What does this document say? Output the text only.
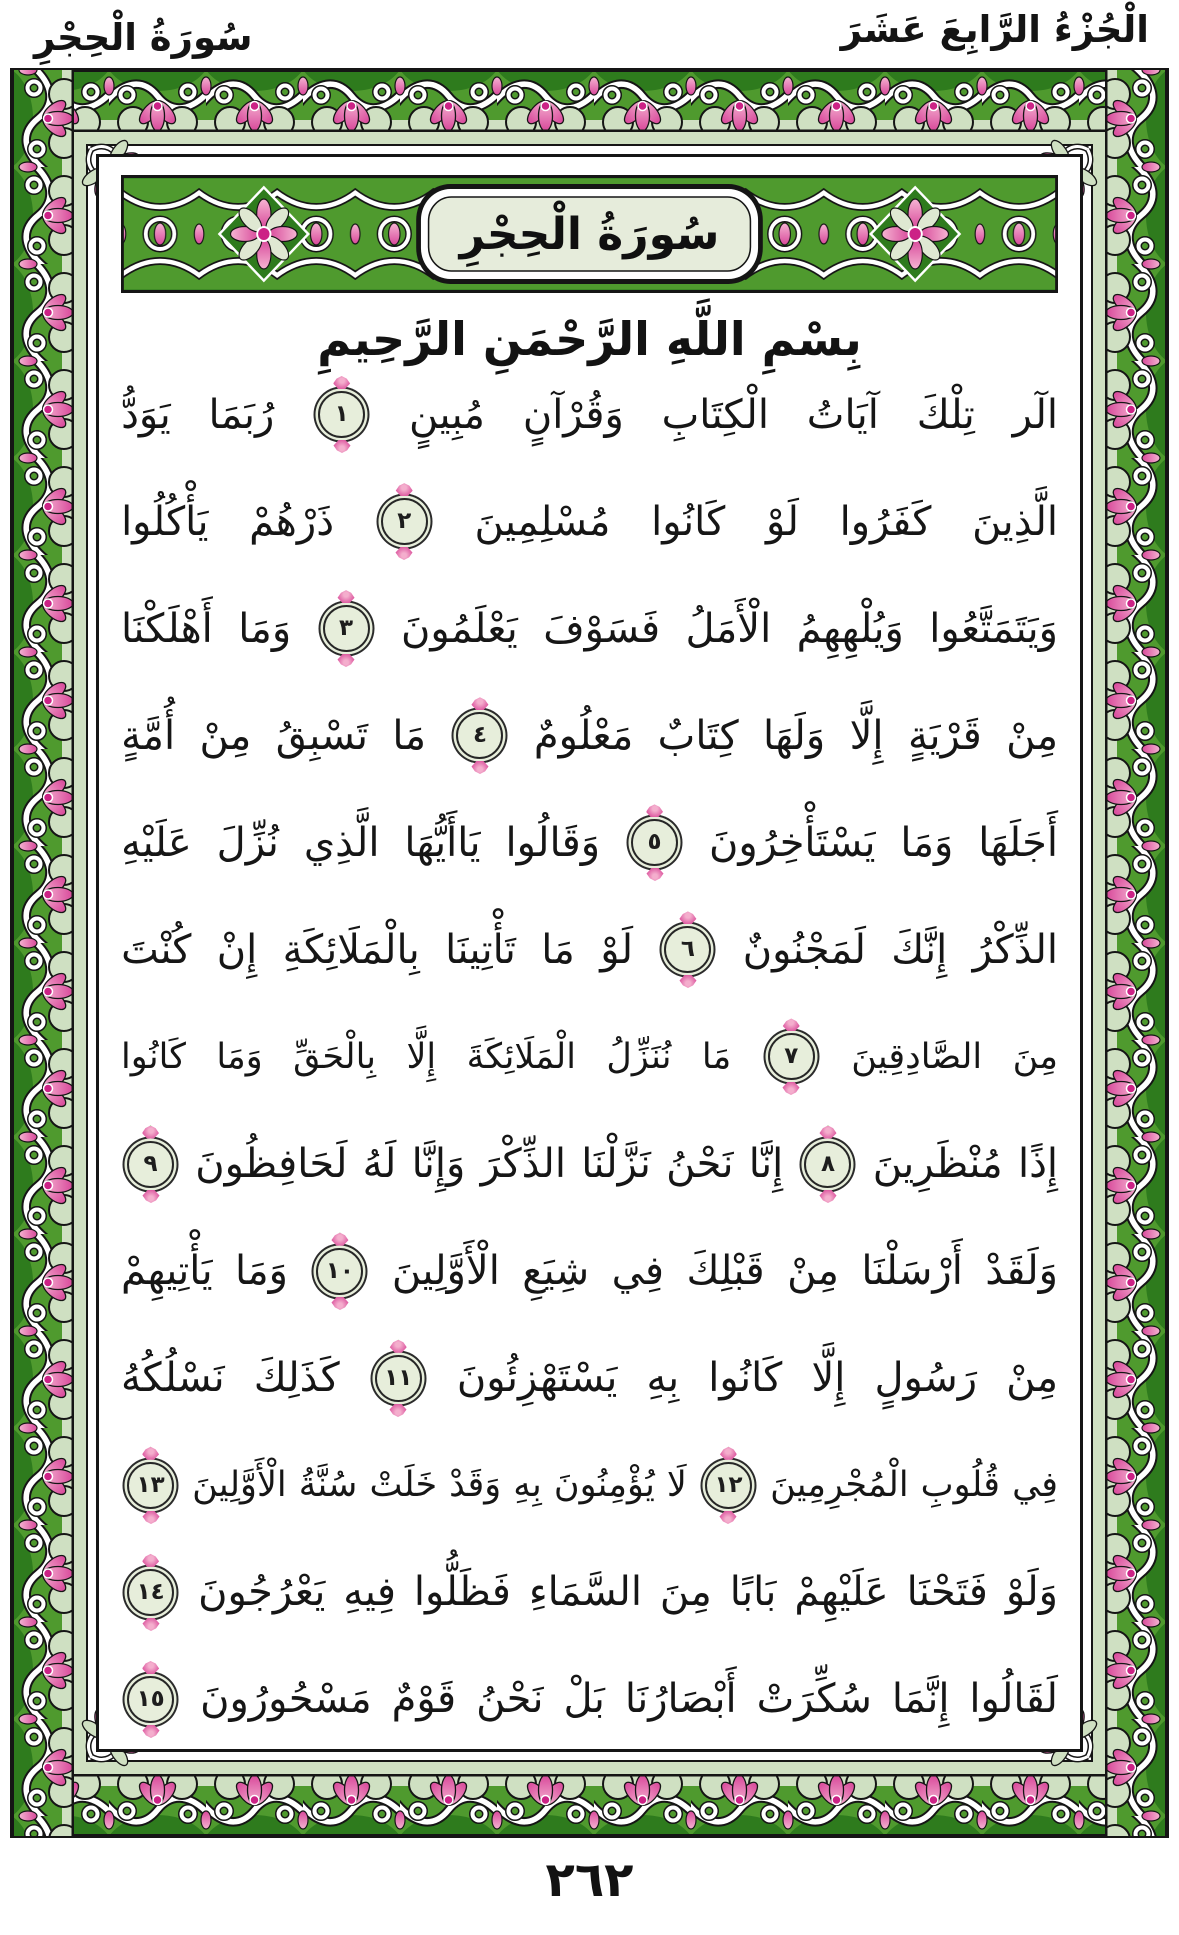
الْجُزْءُ الرَّابِعَ عَشَرَ
سُورَةُ الْحِجْرِ
سُورَةُ الْحِجْرِ
بِسْمِ اللَّهِ الرَّحْمَنِ الرَّحِيمِ
الٓر
تِلْكَ
آيَاتُ
الْكِتَابِ
وَقُرْآنٍ
مُبِينٍ
١
رُبَمَا
يَوَدُّ
الَّذِينَ
كَفَرُوا
لَوْ
كَانُوا
مُسْلِمِينَ
٢
ذَرْهُمْ
يَأْكُلُوا
وَيَتَمَتَّعُوا
وَيُلْهِهِمُ
الْأَمَلُ
فَسَوْفَ
يَعْلَمُونَ
٣
وَمَا
أَهْلَكْنَا
مِنْ
قَرْيَةٍ
إِلَّا
وَلَهَا
كِتَابٌ
مَعْلُومٌ
٤
مَا
تَسْبِقُ
مِنْ
أُمَّةٍ
أَجَلَهَا
وَمَا
يَسْتَأْخِرُونَ
٥
وَقَالُوا
يَاأَيُّهَا
الَّذِي
نُزِّلَ
عَلَيْهِ
الذِّكْرُ
إِنَّكَ
لَمَجْنُونٌ
٦
لَوْ
مَا
تَأْتِينَا
بِالْمَلَائِكَةِ
إِنْ
كُنْتَ
مِنَ
الصَّادِقِينَ
٧
مَا
نُنَزِّلُ
الْمَلَائِكَةَ
إِلَّا
بِالْحَقِّ
وَمَا
كَانُوا
إِذًا
مُنْظَرِينَ
٨
إِنَّا
نَحْنُ
نَزَّلْنَا
الذِّكْرَ
وَإِنَّا
لَهُ
لَحَافِظُونَ
٩
وَلَقَدْ
أَرْسَلْنَا
مِنْ
قَبْلِكَ
فِي
شِيَعِ
الْأَوَّلِينَ
١٠
وَمَا
يَأْتِيهِمْ
مِنْ
رَسُولٍ
إِلَّا
كَانُوا
بِهِ
يَسْتَهْزِئُونَ
١١
كَذَلِكَ
نَسْلُكُهُ
فِي
قُلُوبِ
الْمُجْرِمِينَ
١٢
لَا
يُؤْمِنُونَ
بِهِ
وَقَدْ
خَلَتْ
سُنَّةُ
الْأَوَّلِينَ
١٣
وَلَوْ
فَتَحْنَا
عَلَيْهِمْ
بَابًا
مِنَ
السَّمَاءِ
فَظَلُّوا
فِيهِ
يَعْرُجُونَ
١٤
لَقَالُوا
إِنَّمَا
سُكِّرَتْ
أَبْصَارُنَا
بَلْ
نَحْنُ
قَوْمٌ
مَسْحُورُونَ
١٥
٢٦٢
